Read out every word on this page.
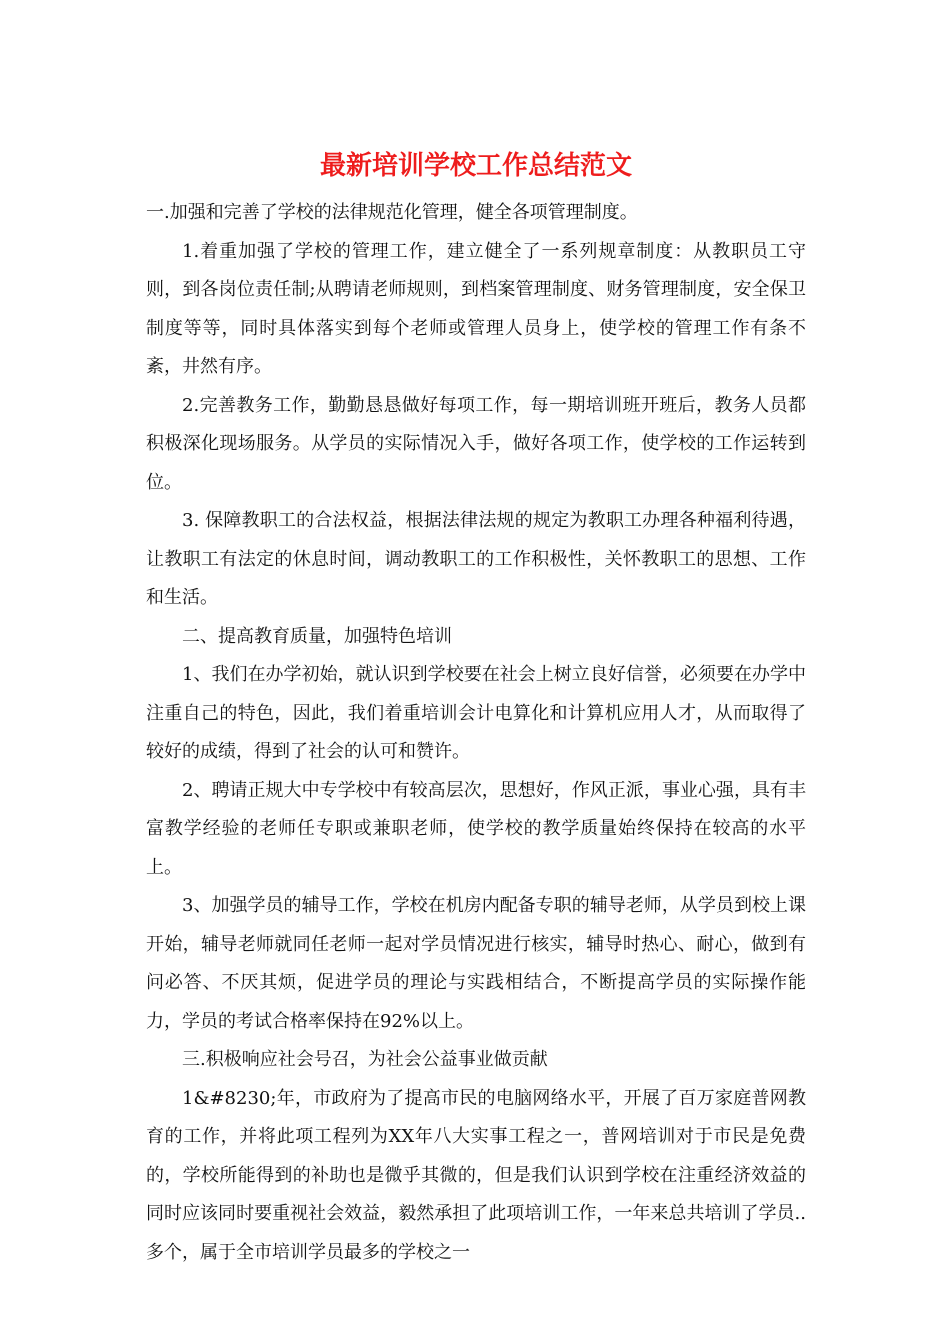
最新培训学校工作总结范文

一.加强和完善了学校的法律规范化管理，健全各项管理制度。

1.着重加强了学校的管理工作，建立健全了一系列规章制度：从教职员工守则，到各岗位责任制;从聘请老师规则，到档案管理制度、财务管理制度，安全保卫制度等等，同时具体落实到每个老师或管理人员身上，使学校的管理工作有条不紊，井然有序。

2.完善教务工作，勤勤恳恳做好每项工作，每一期培训班开班后，教务人员都积极深化现场服务。从学员的实际情况入手，做好各项工作，使学校的工作运转到位。

3. 保障教职工的合法权益，根据法律法规的规定为教职工办理各种福利待遇，让教职工有法定的休息时间，调动教职工的工作积极性，关怀教职工的思想、工作和生活。

二、提高教育质量，加强特色培训

1、我们在办学初始，就认识到学校要在社会上树立良好信誉，必须要在办学中注重自己的特色，因此，我们着重培训会计电算化和计算机应用人才，从而取得了较好的成绩，得到了社会的认可和赞许。

2、聘请正规大中专学校中有较高层次，思想好，作风正派，事业心强，具有丰富教学经验的老师任专职或兼职老师，使学校的教学质量始终保持在较高的水平上。

3、加强学员的辅导工作，学校在机房内配备专职的辅导老师，从学员到校上课开始，辅导老师就同任老师一起对学员情况进行核实，辅导时热心、耐心，做到有问必答、不厌其烦，促进学员的理论与实践相结合，不断提高学员的实际操作能力，学员的考试合格率保持在92%以上。

三.积极响应社会号召，为社会公益事业做贡献

1&#8230;年，市政府为了提高市民的电脑网络水平，开展了百万家庭普网教育的工作，并将此项工程列为XX年八大实事工程之一，普网培训对于市民是免费的，学校所能得到的补助也是微乎其微的，但是我们认识到学校在注重经济效益的同时应该同时要重视社会效益，毅然承担了此项培训工作，一年来总共培训了学员..多个，属于全市培训学员最多的学校之一
